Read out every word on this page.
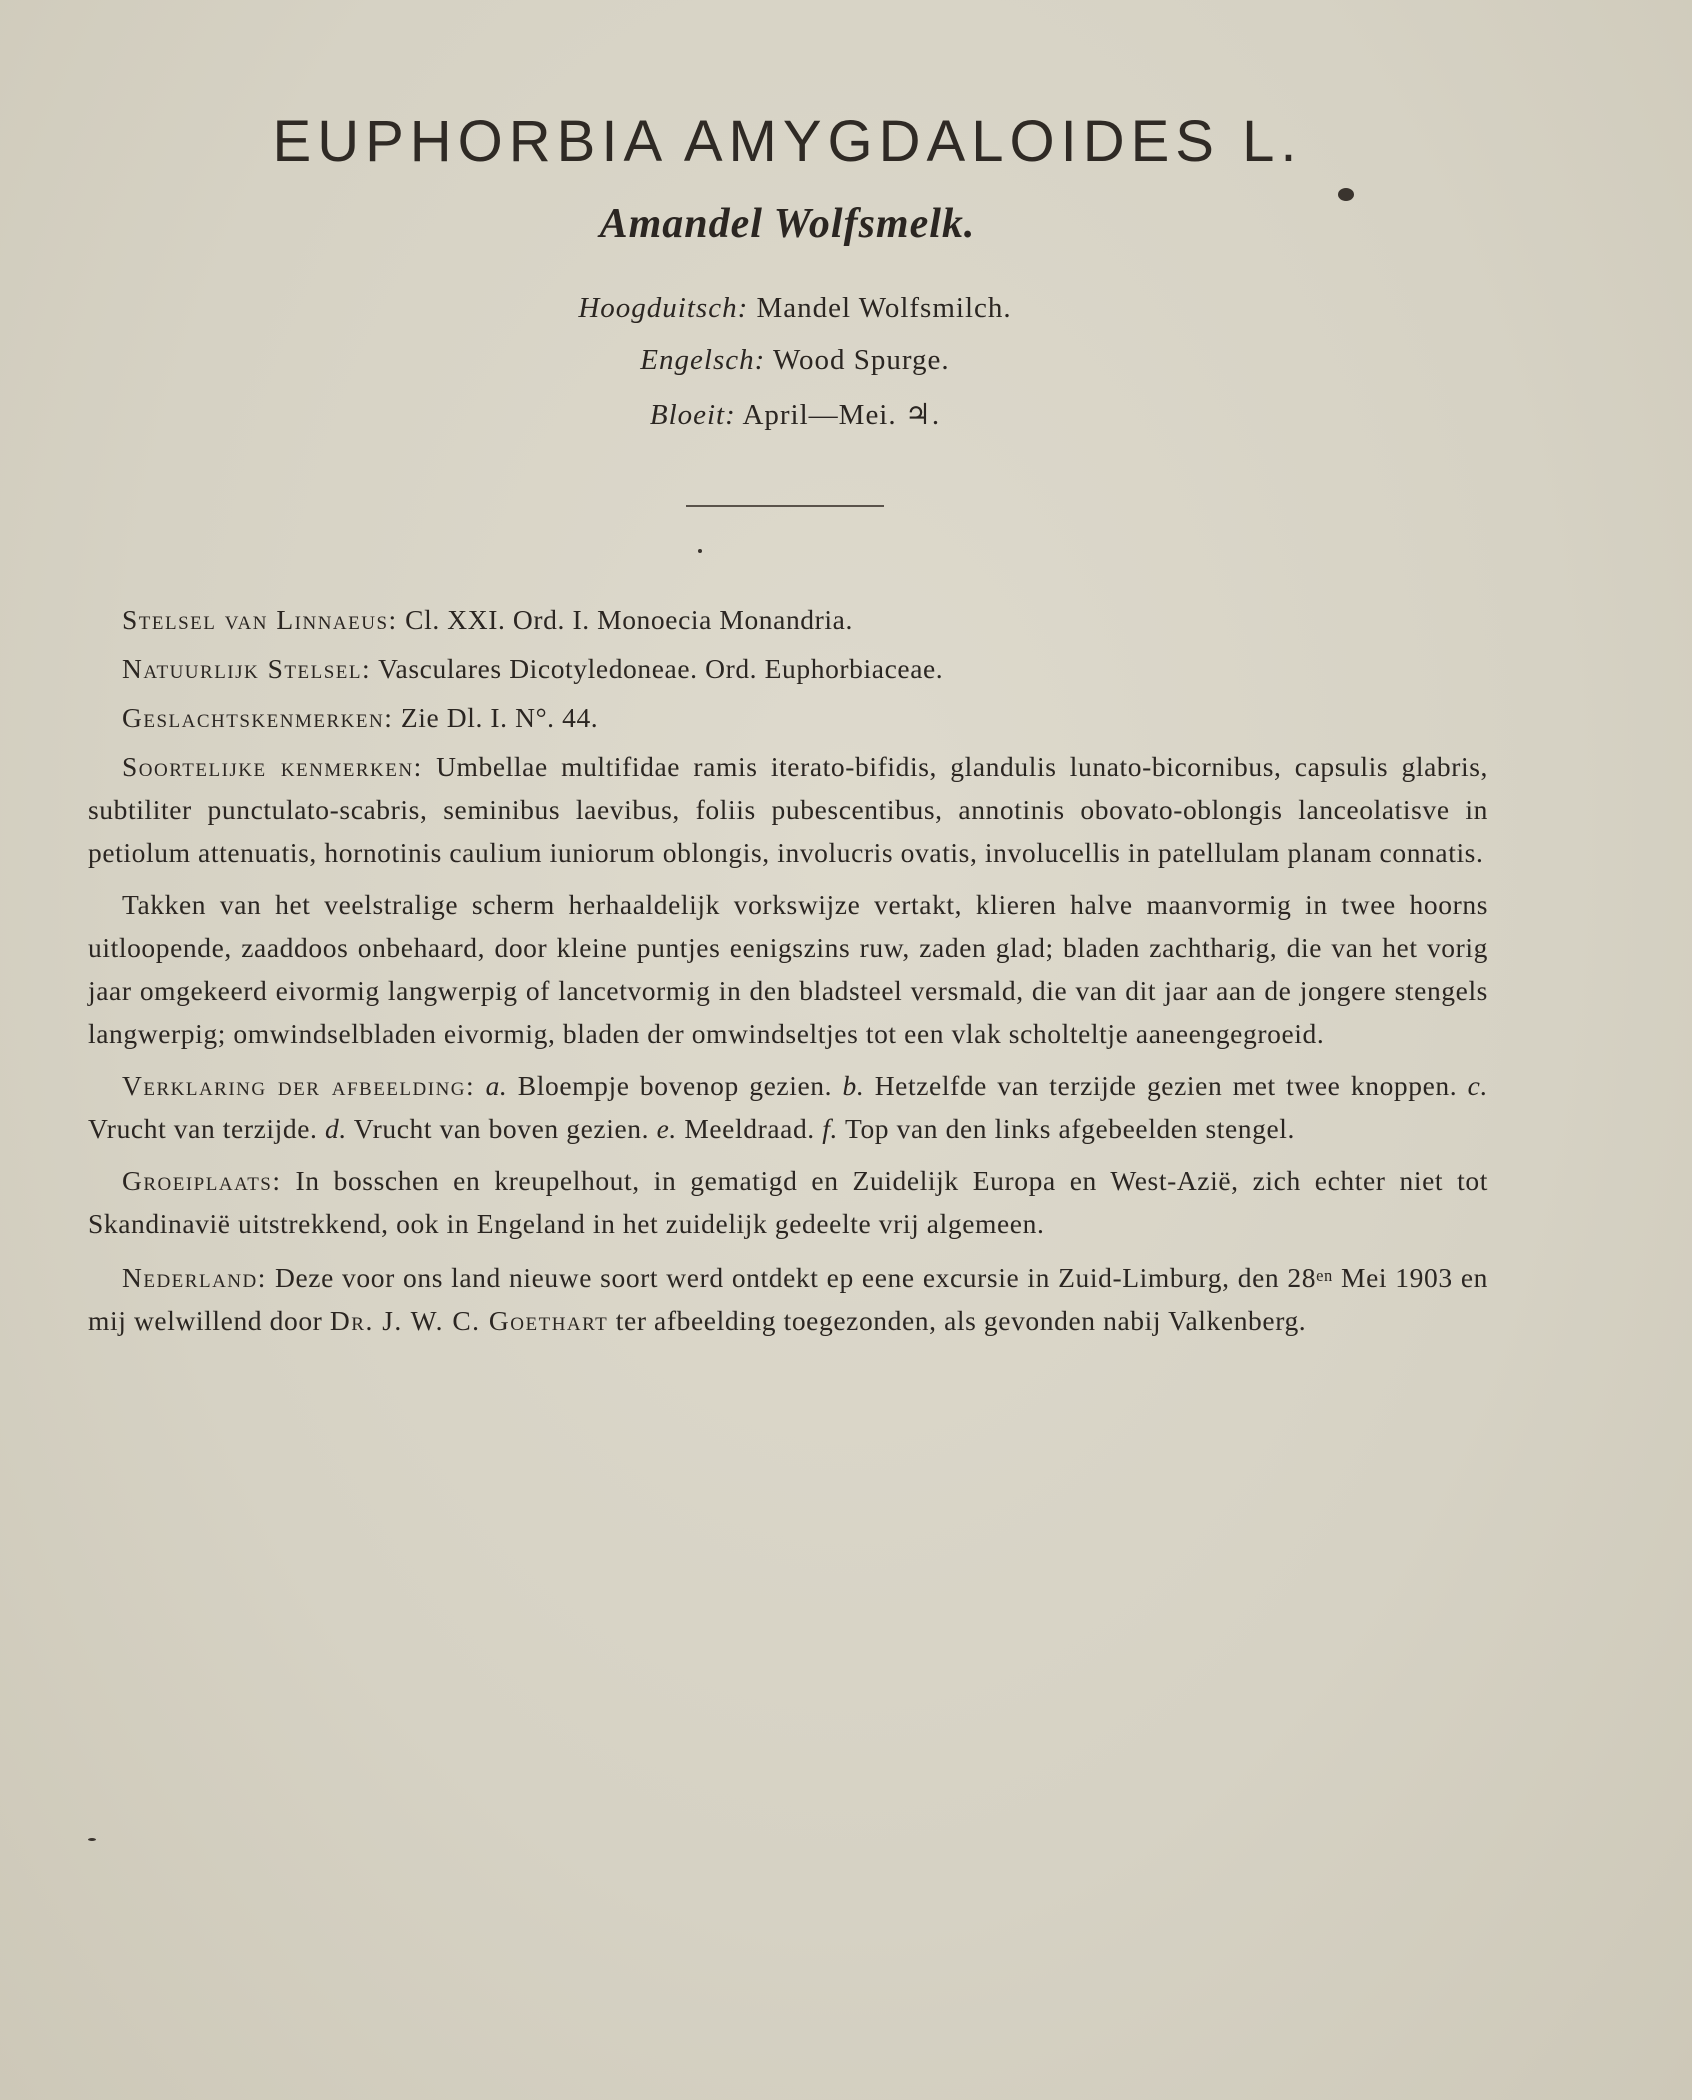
EUPHORBIA AMYGDALOIDES L.
Amandel Wolfsmelk.
Hoogduitsch: Mandel Wolfsmilch.
Engelsch: Wood Spurge.
Bloeit: April—Mei. ♃.

Stelsel van Linnaeus: Cl. XXI. Ord. I. Monoecia Monandria.

Natuurlijk Stelsel: Vasculares Dicotyledoneae. Ord. Euphorbiaceae.

Geslachtskenmerken: Zie Dl. I. N°. 44.

Soortelijke kenmerken: Umbellae multifidae ramis iterato-bifidis, glandulis lunato-bicornibus, capsulis glabris, subtiliter punctulato-scabris, seminibus laevibus, foliis pubescentibus, annotinis obovato-oblongis lanceolatisve in petiolum attenuatis, hornotinis caulium iuniorum oblongis, involucris ovatis, involucellis in patellulam planam connatis.

Takken van het veelstralige scherm herhaaldelijk vorkswijze vertakt, klieren halve maanvormig in twee hoorns uitloopende, zaaddoos onbehaard, door kleine puntjes eenigszins ruw, zaden glad; bladen zachtharig, die van het vorig jaar omgekeerd eivormig langwerpig of lancetvormig in den bladsteel versmald, die van dit jaar aan de jongere stengels langwerpig; omwindselbladen eivormig, bladen der omwindseltjes tot een vlak scholteltje aaneengegroeid.

Verklaring der afbeelding: a. Bloempje bovenop gezien. b. Hetzelfde van terzijde gezien met twee knoppen. c. Vrucht van terzijde. d. Vrucht van boven gezien. e. Meeldraad. f. Top van den links afgebeelden stengel.

Groeiplaats: In bosschen en kreupelhout, in gematigd en Zuidelijk Europa en West-Azië, zich echter niet tot Skandinavië uitstrekkend, ook in Engeland in het zuidelijk gedeelte vrij algemeen.

Nederland: Deze voor ons land nieuwe soort werd ontdekt ep eene excursie in Zuid-Limburg, den $28^{en}$ Mei 1903 en mij welwillend door Dr. J. W. C. Goethart ter afbeelding toegezonden, als gevonden nabij Valkenberg.
